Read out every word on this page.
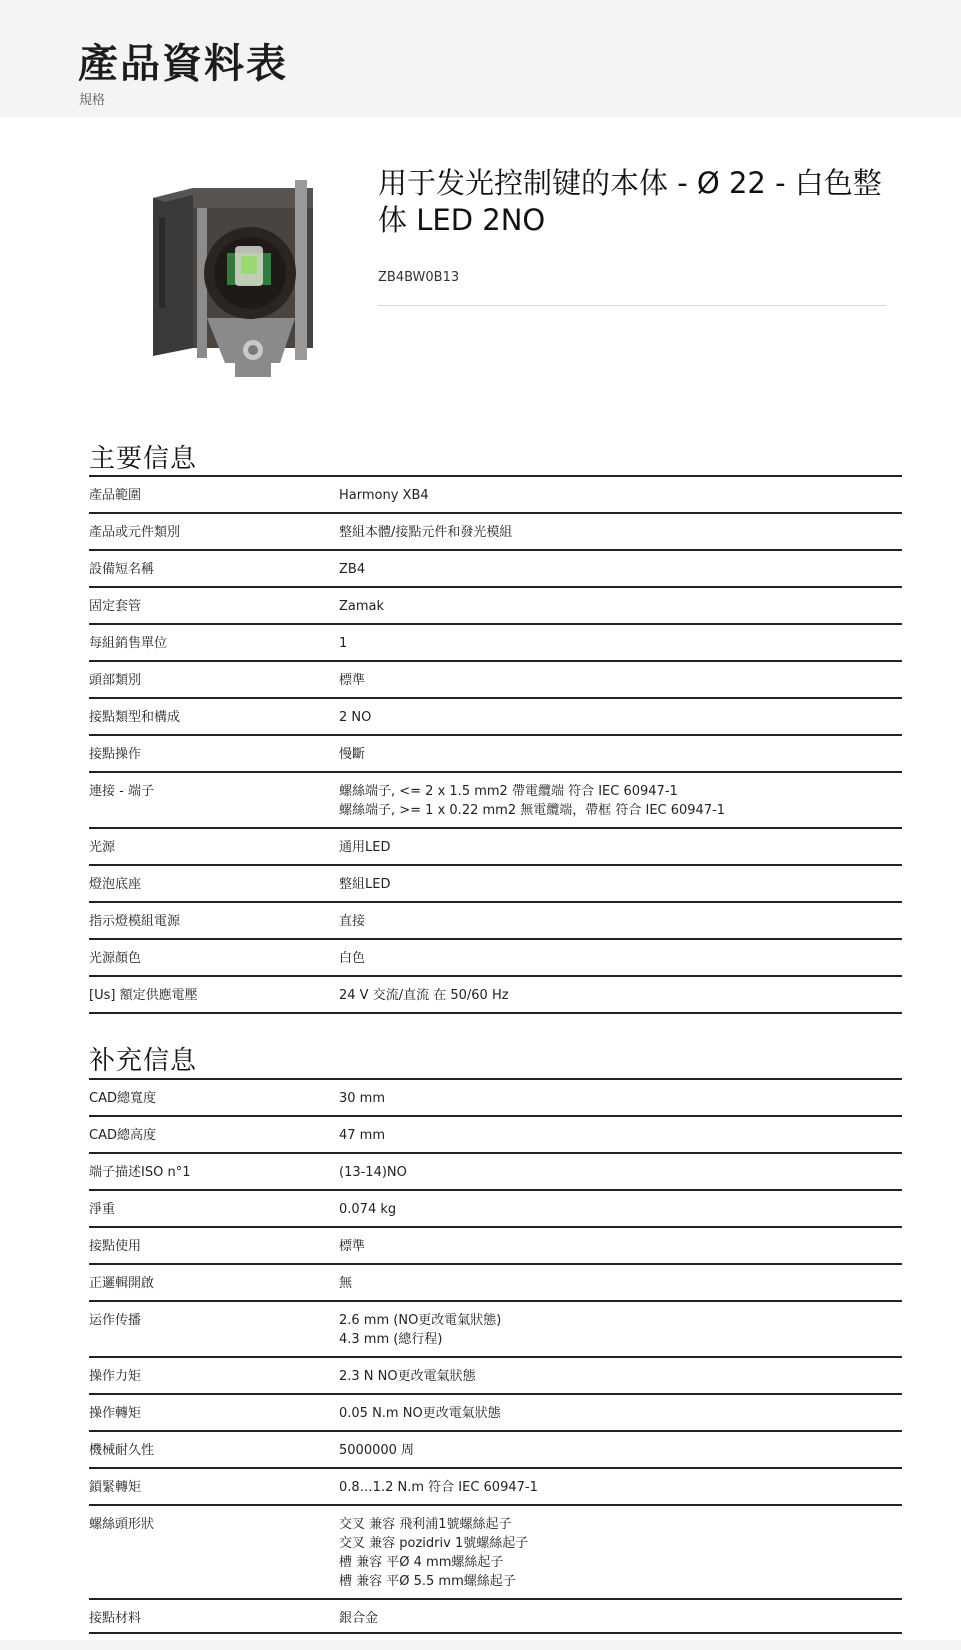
產品資料表
規格
用于发光控制键的本体 - Ø 22 - 白色整体 LED 2NO
ZB4BW0B13
主要信息
產品範圍	Harmony XB4
產品或元件類別	整組本體/接點元件和發光模組
設備短名稱	ZB4
固定套管	Zamak
每組銷售單位	1
頭部類別	標準
接點類型和構成	2 NO
接點操作	慢斷
連接 - 端子	螺絲端子, <= 2 x 1.5 mm2 帶電纜端 符合 IEC 60947-1
螺絲端子, >= 1 x 0.22 mm2 無電纜端，帶框 符合 IEC 60947-1
光源	通用LED
燈泡底座	整組LED
指示燈模組電源	直接
光源顏色	白色
[Us] 額定供應電壓	24 V 交流/直流 在 50/60 Hz
补充信息
CAD總寬度	30 mm
CAD總高度	47 mm
端子描述ISO n°1	(13-14)NO
淨重	0.074 kg
接點使用	標準
正邏輯開啟	無
运作传播	2.6 mm (NO更改電氣狀態)
4.3 mm (總行程)
操作力矩	2.3 N NO更改電氣狀態
操作轉矩	0.05 N.m NO更改電氣狀態
機械耐久性	5000000 周
鎖緊轉矩	0.8…1.2 N.m 符合 IEC 60947-1
螺絲頭形狀	交叉 兼容 飛利浦1號螺絲起子
交叉 兼容 pozidriv 1號螺絲起子
槽 兼容 平Ø 4 mm螺絲起子
槽 兼容 平Ø 5.5 mm螺絲起子
接點材料	銀合金
